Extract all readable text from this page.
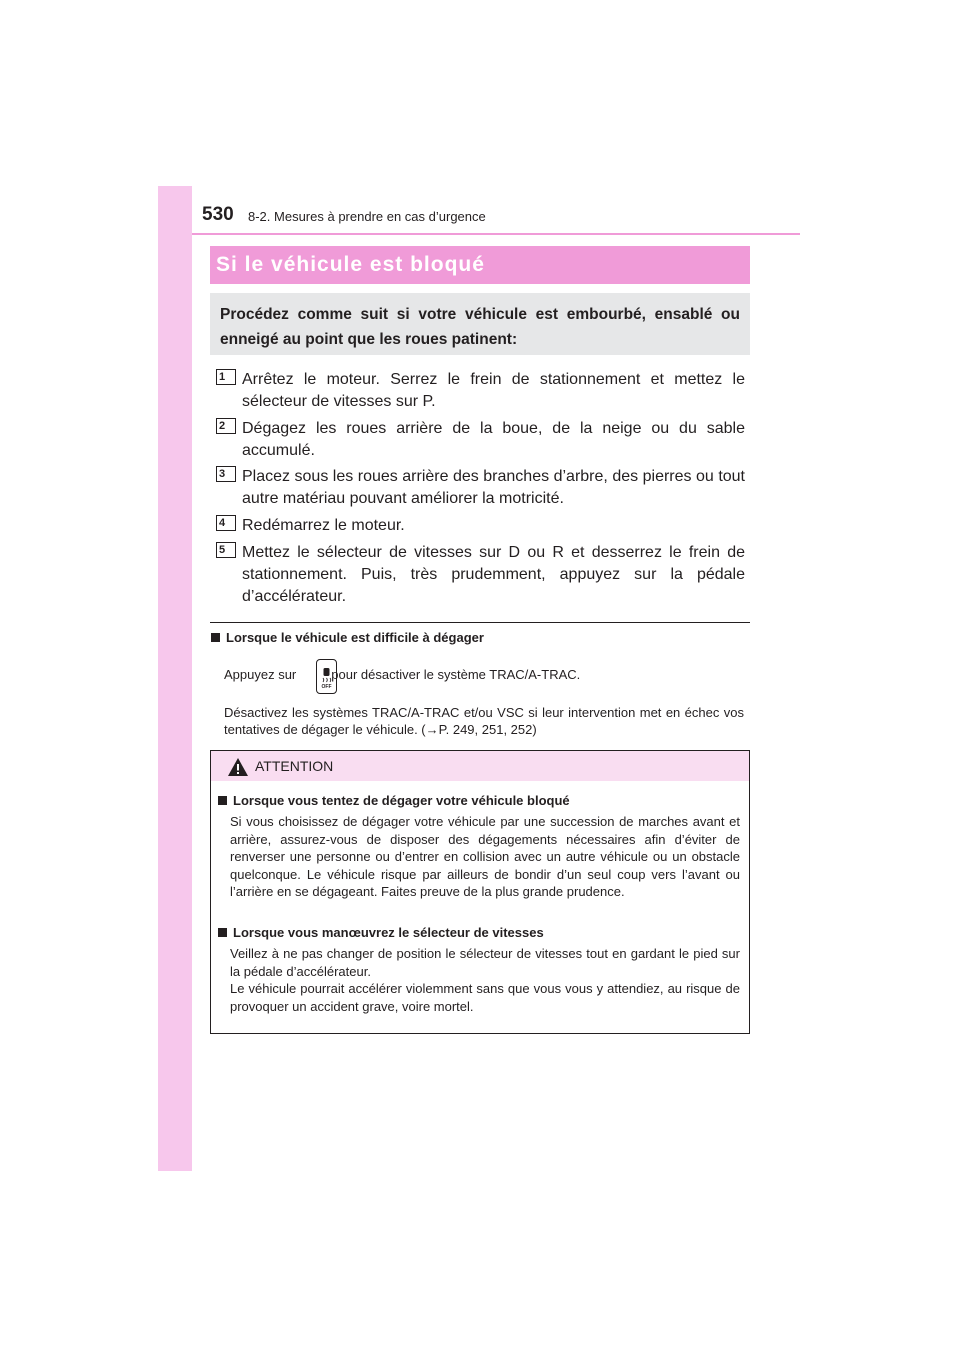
530 8-2. Mesures à prendre en cas d’urgence
Si le véhicule est bloqué

Procédez comme suit si votre véhicule est embourbé, ensablé ou enneigé au point que les roues patinent:

1	Arrêtez le moteur. Serrez le frein de stationnement et mettez le sélecteur de vitesses sur P.

2	Dégagez les roues arrière de la boue, de la neige ou du sable accumulé.

3	Placez sous les roues arrière des branches d’arbre, des pierres ou tout autre matériau pouvant améliorer la motricité.

4	Redémarrez le moteur.

5	Mettez le sélecteur de vitesses sur D ou R et desserrez le frein de stationnement. Puis, très prudemment, appuyez sur la pédale d’accélérateur.

Lorsque le véhicule est difficile à dégager
Appuyez sur	pour désactiver le système TRAC/A-TRAC.
OFF

Désactivez les systèmes TRAC/A-TRAC et/ou VSC si leur intervention met en échec vos tentatives de dégager le véhicule. (→P. 249, 251, 252)

ATTENTION
Lorsque vous tentez de dégager votre véhicule bloqué

Si vous choisissez de dégager votre véhicule par une succession de marches avant et arrière, assurez-vous de disposer des dégagements nécessaires afin d’éviter de renverser une personne ou d’entrer en collision avec un autre véhicule ou un obstacle quelconque. Le véhicule risque par ailleurs de bondir d’un seul coup vers l’avant ou l’arrière en se dégageant. Faites preuve de la plus grande prudence.

Lorsque vous manœuvrez le sélecteur de vitesses

Veillez à ne pas changer de position le sélecteur de vitesses tout en gardant le pied sur la pédale d’accélérateur.

Le véhicule pourrait accélérer violemment sans que vous vous y attendiez, au risque de provoquer un accident grave, voire mortel.
